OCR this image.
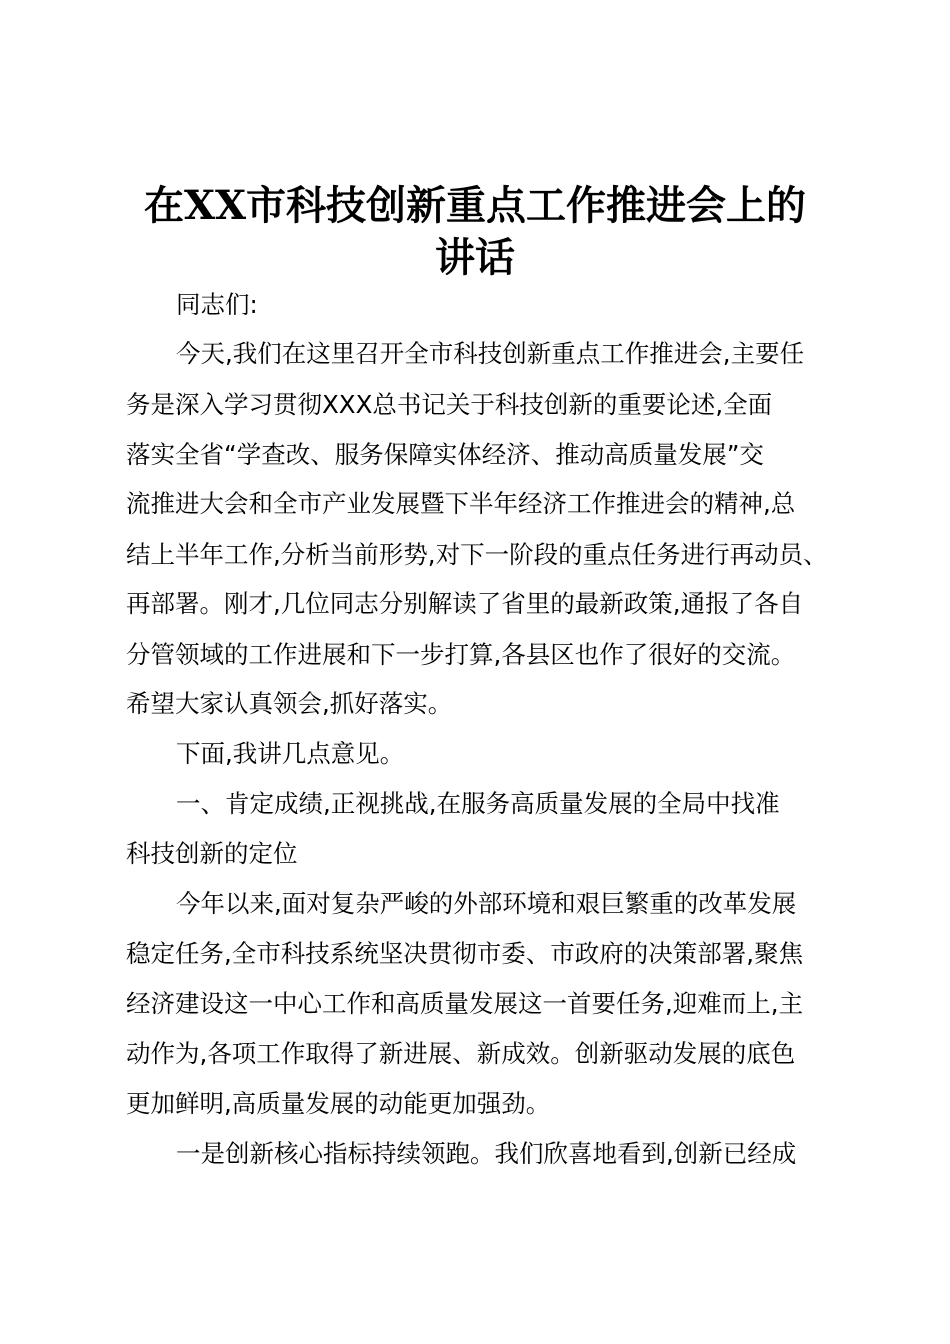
在XX市科技创新重点工作推进会上的
讲话
同志们:
今天,我们在这里召开全市科技创新重点工作推进会,主要任
务是深入学习贯彻XXX总书记关于科技创新的重要论述,全面
落实全省“学查改、服务保障实体经济、推动高质量发展”交
流推进大会和全市产业发展暨下半年经济工作推进会的精神,总
结上半年工作,分析当前形势,对下一阶段的重点任务进行再动员、
再部署。刚才,几位同志分别解读了省里的最新政策,通报了各自
分管领域的工作进展和下一步打算,各县区也作了很好的交流。
希望大家认真领会,抓好落实。
下面,我讲几点意见。
一、肯定成绩,正视挑战,在服务高质量发展的全局中找准
科技创新的定位
今年以来,面对复杂严峻的外部环境和艰巨繁重的改革发展
稳定任务,全市科技系统坚决贯彻市委、市政府的决策部署,聚焦
经济建设这一中心工作和高质量发展这一首要任务,迎难而上,主
动作为,各项工作取得了新进展、新成效。创新驱动发展的底色
更加鲜明,高质量发展的动能更加强劲。
一是创新核心指标持续领跑。我们欣喜地看到,创新已经成
